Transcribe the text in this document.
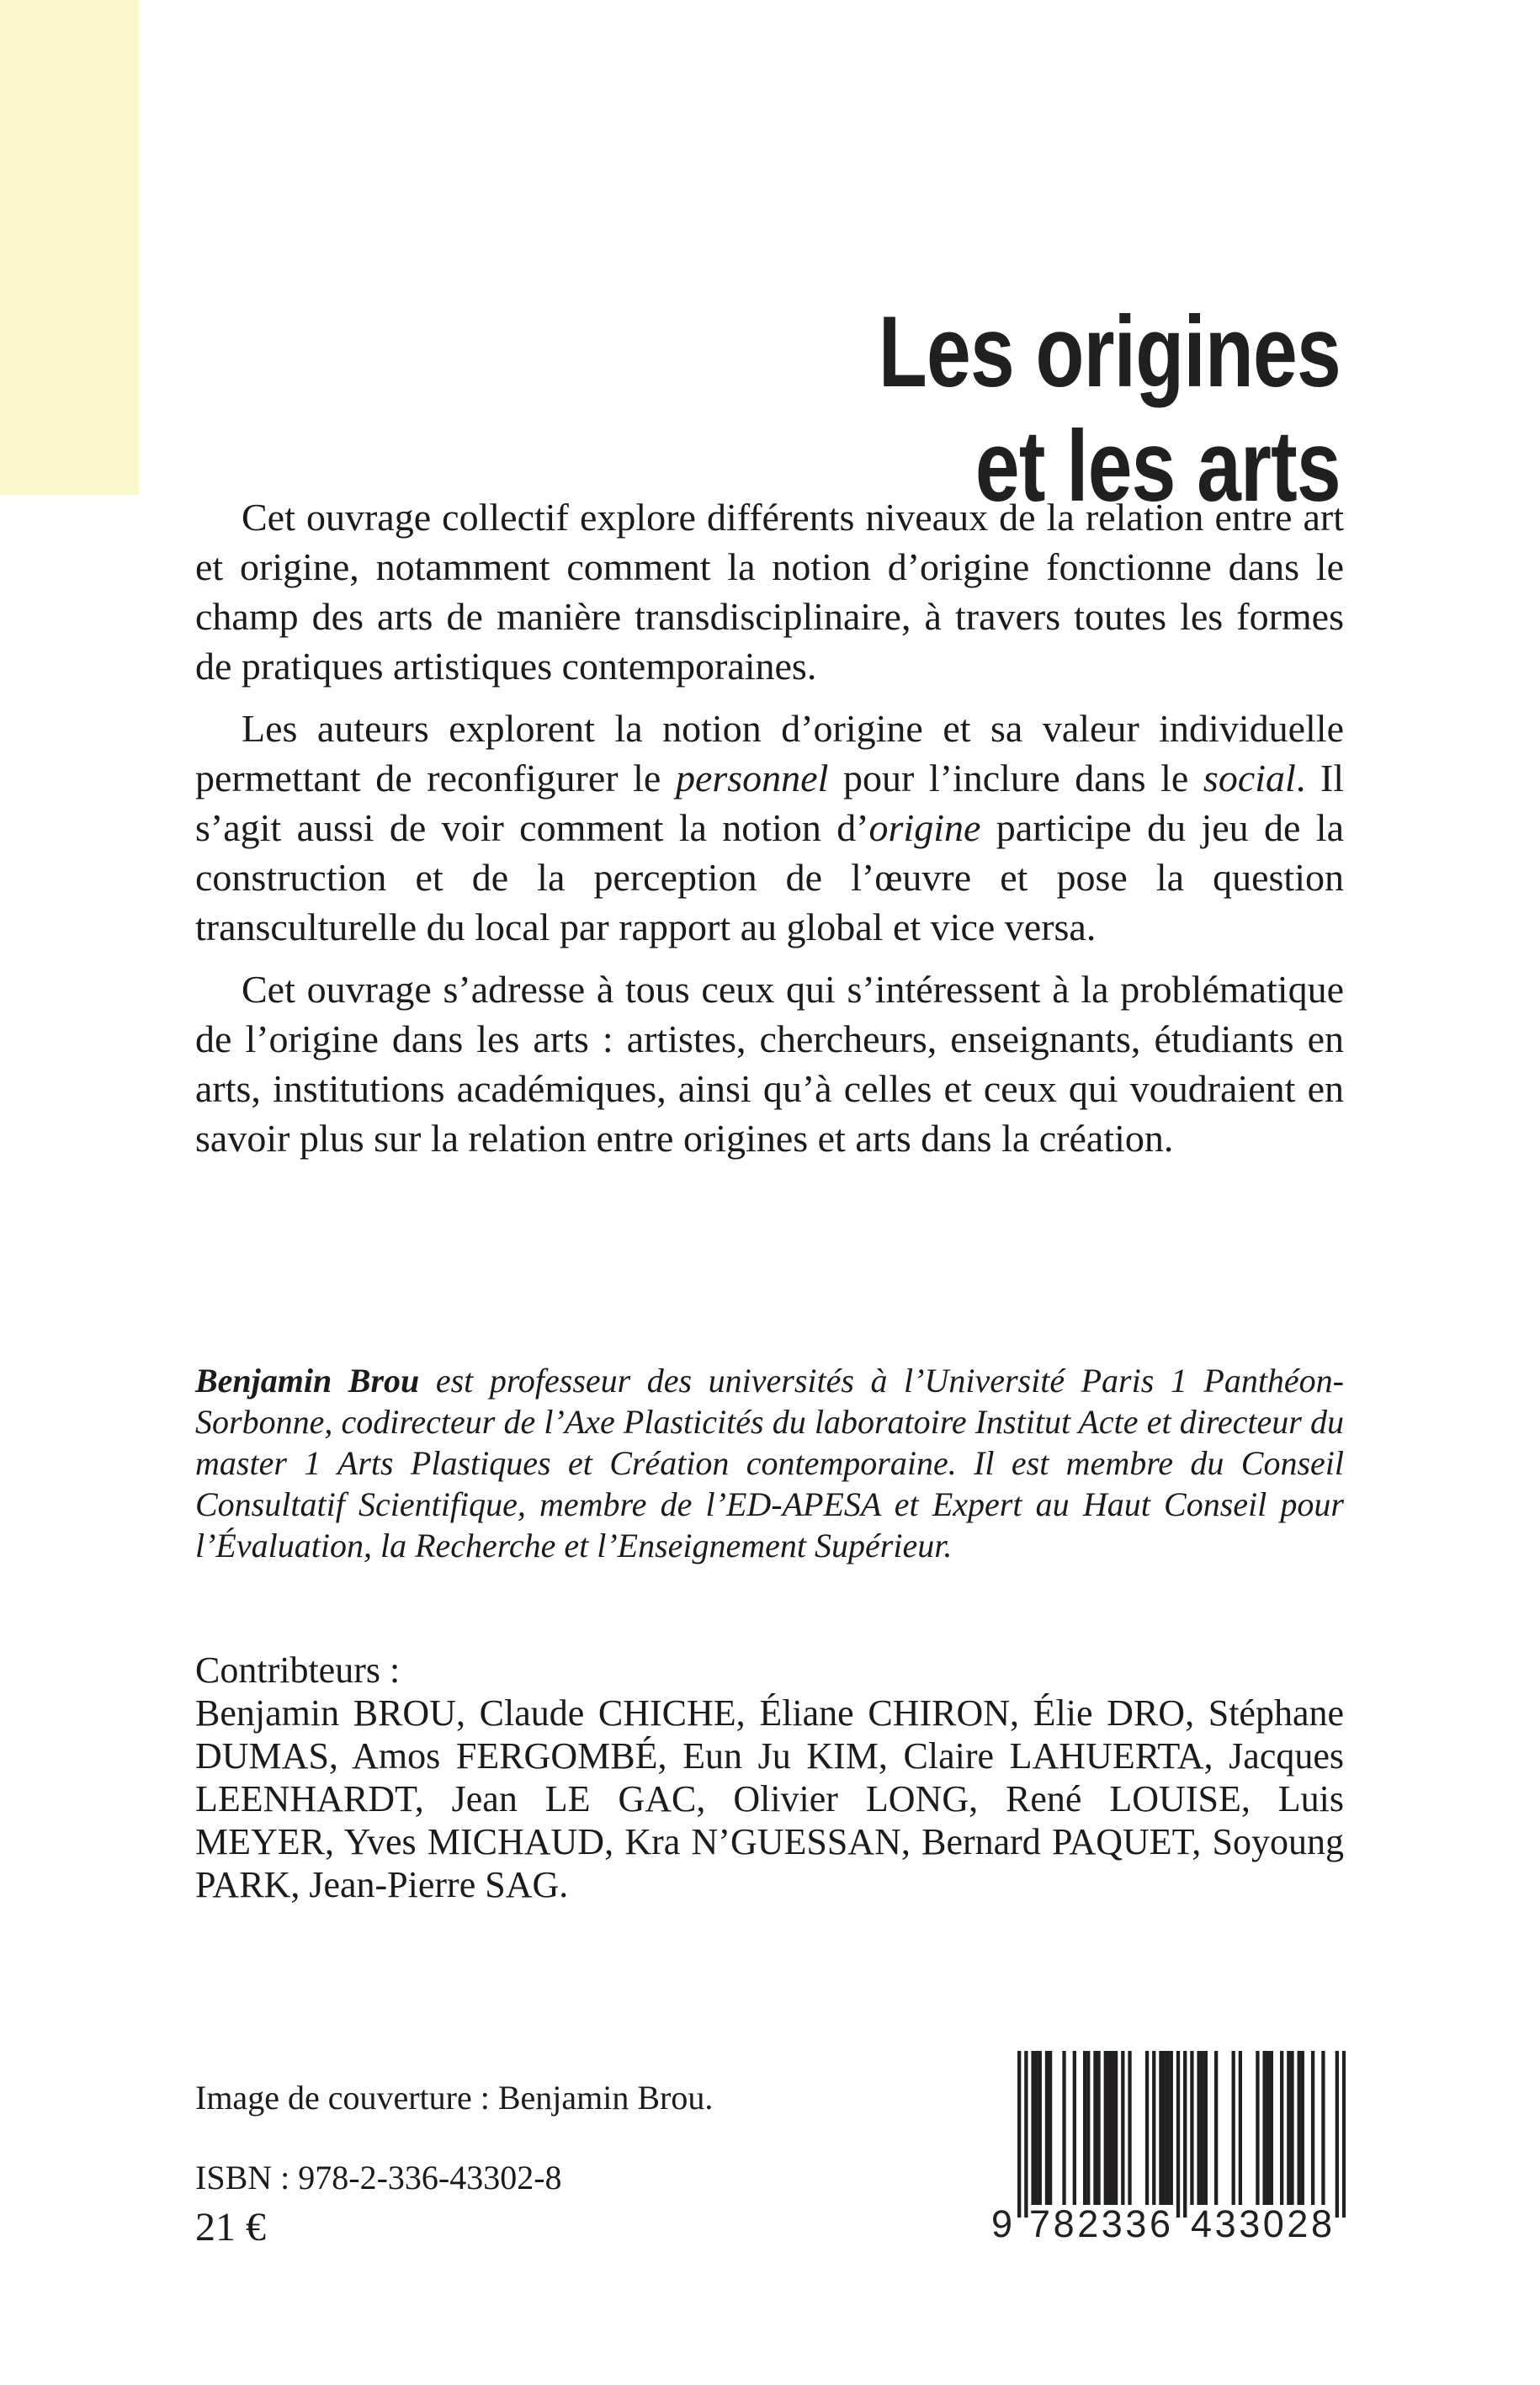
Les origines
et les arts

Cet ouvrage collectif explore différents niveaux de la relation entre art et origine, notamment comment la notion d’origine fonctionne dans le champ des arts de manière transdisciplinaire, à travers toutes les formes de pratiques artistiques contemporaines.

Les auteurs explorent la notion d’origine et sa valeur individuelle permettant de reconfigurer le personnel pour l’inclure dans le social. Il s’agit aussi de voir comment la notion d’origine participe du jeu de la construction et de la perception de l’œuvre et pose la question transculturelle du local par rapport au global et vice versa.

Cet ouvrage s’adresse à tous ceux qui s’intéressent à la problématique de l’origine dans les arts : artistes, chercheurs, enseignants, étudiants en arts, institutions académiques, ainsi qu’à celles et ceux qui voudraient en savoir plus sur la relation entre origines et arts dans la création.

Benjamin Brou est professeur des universités à l’Université Paris 1 Panthéon-Sorbonne, codirecteur de l’Axe Plasticités du laboratoire Institut Acte et directeur du master 1 Arts Plastiques et Création contemporaine. Il est membre du Conseil Consultatif Scientifique, membre de l’ED-APESA et Expert au Haut Conseil pour l’Évaluation, la Recherche et l’Enseignement Supérieur.

Contribteurs :

Benjamin BROU, Claude CHICHE, Éliane CHIRON, Élie DRO, Stéphane DUMAS, Amos FERGOMBÉ, Eun Ju KIM, Claire LAHUERTA, Jacques LEENHARDT, Jean LE GAC, Olivier LONG, René LOUISE, Luis MEYER, Yves MICHAUD, Kra N’GUESSAN, Bernard PAQUET, Soyoung PARK, Jean-Pierre SAG.

Image de couverture : Benjamin Brou.
ISBN : 978-2-336-43302-8
21 €	9 7 8 2 3 3 6 4 3 3 0 2 8
